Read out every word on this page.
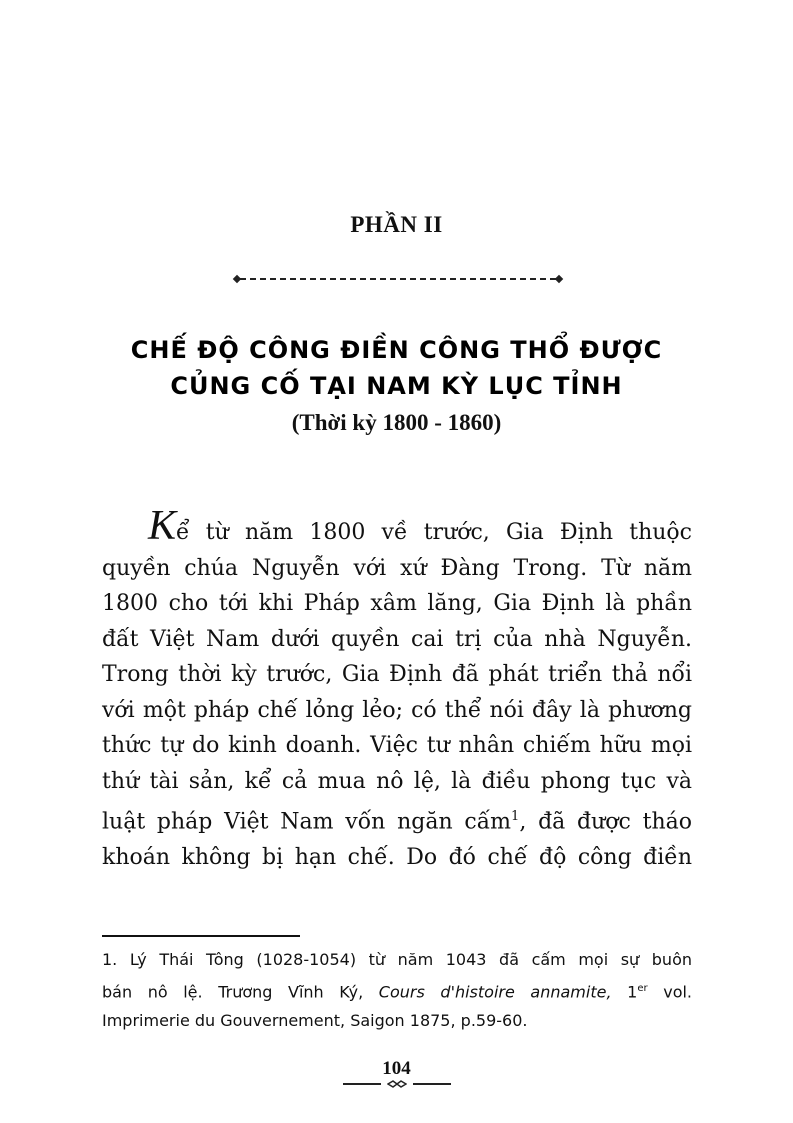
PHẦN II
CHẾ ĐỘ CÔNG ĐIỀN CÔNG THỔ ĐƯỢC
CỦNG CỐ TẠI NAM KỲ LỤC TỈNH
(Thời kỳ 1800 - 1860)
Kể từ năm 1800 về trước, Gia Định thuộc
quyền chúa Nguyễn với xứ Đàng Trong. Từ năm
1800 cho tới khi Pháp xâm lăng, Gia Định là phần
đất Việt Nam dưới quyền cai trị của nhà Nguyễn.
Trong thời kỳ trước, Gia Định đã phát triển thả nổi
với một pháp chế lỏng lẻo; có thể nói đây là phương
thức tự do kinh doanh. Việc tư nhân chiếm hữu mọi
thứ tài sản, kể cả mua nô lệ, là điều phong tục và
luật pháp Việt Nam vốn ngăn cấm$^1$, đã được tháo
khoán không bị hạn chế. Do đó chế độ công điền
1. Lý Thái Tông (1028-1054) từ năm 1043 đã cấm mọi sự buôn
bán nô lệ. Trương Vĩnh Ký, Cours d'histoire annamite, 1er vol.
Imprimerie du Gouvernement, Saigon 1875, p.59-60.
104
